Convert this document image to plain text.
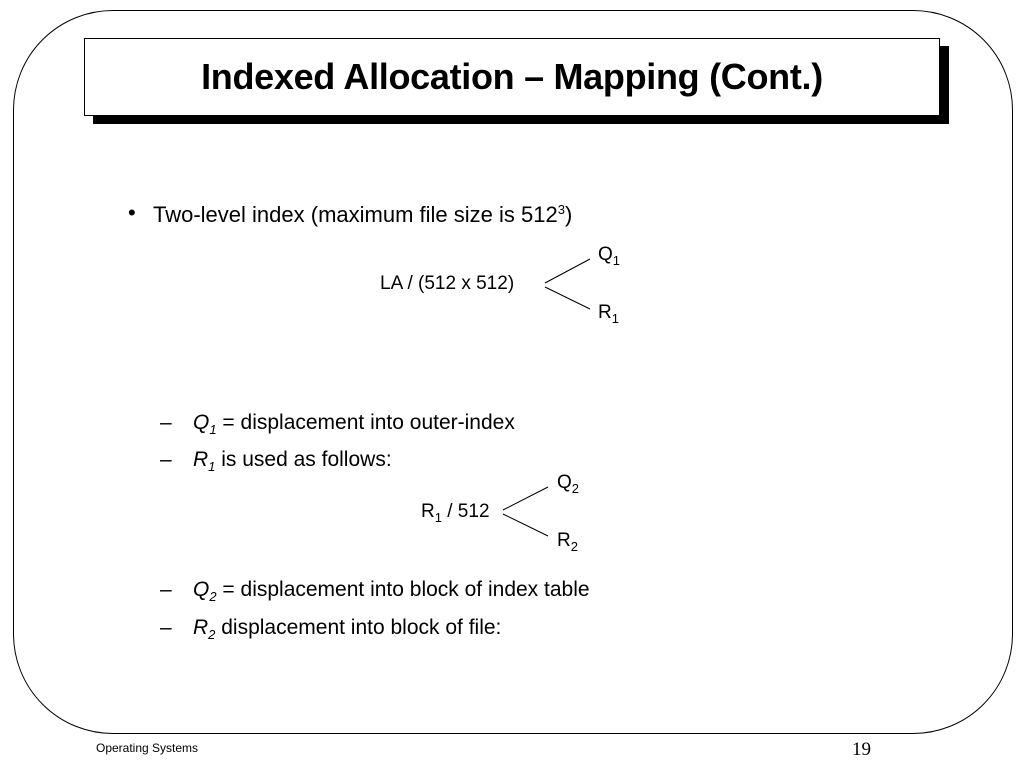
Indexed Allocation – Mapping (Cont.)
• Two-level index (maximum file size is $512^3$)
LA / (512 x 512)
$Q_1$
$R_1$
– $Q_1$ = displacement into outer-index
– $R_1$ is used as follows:
$R_1 / 512$
$Q_2$
$R_2$
– $Q_2$ = displacement into block of index table
– $R_2$ displacement into block of file:
Operating Systems	19
